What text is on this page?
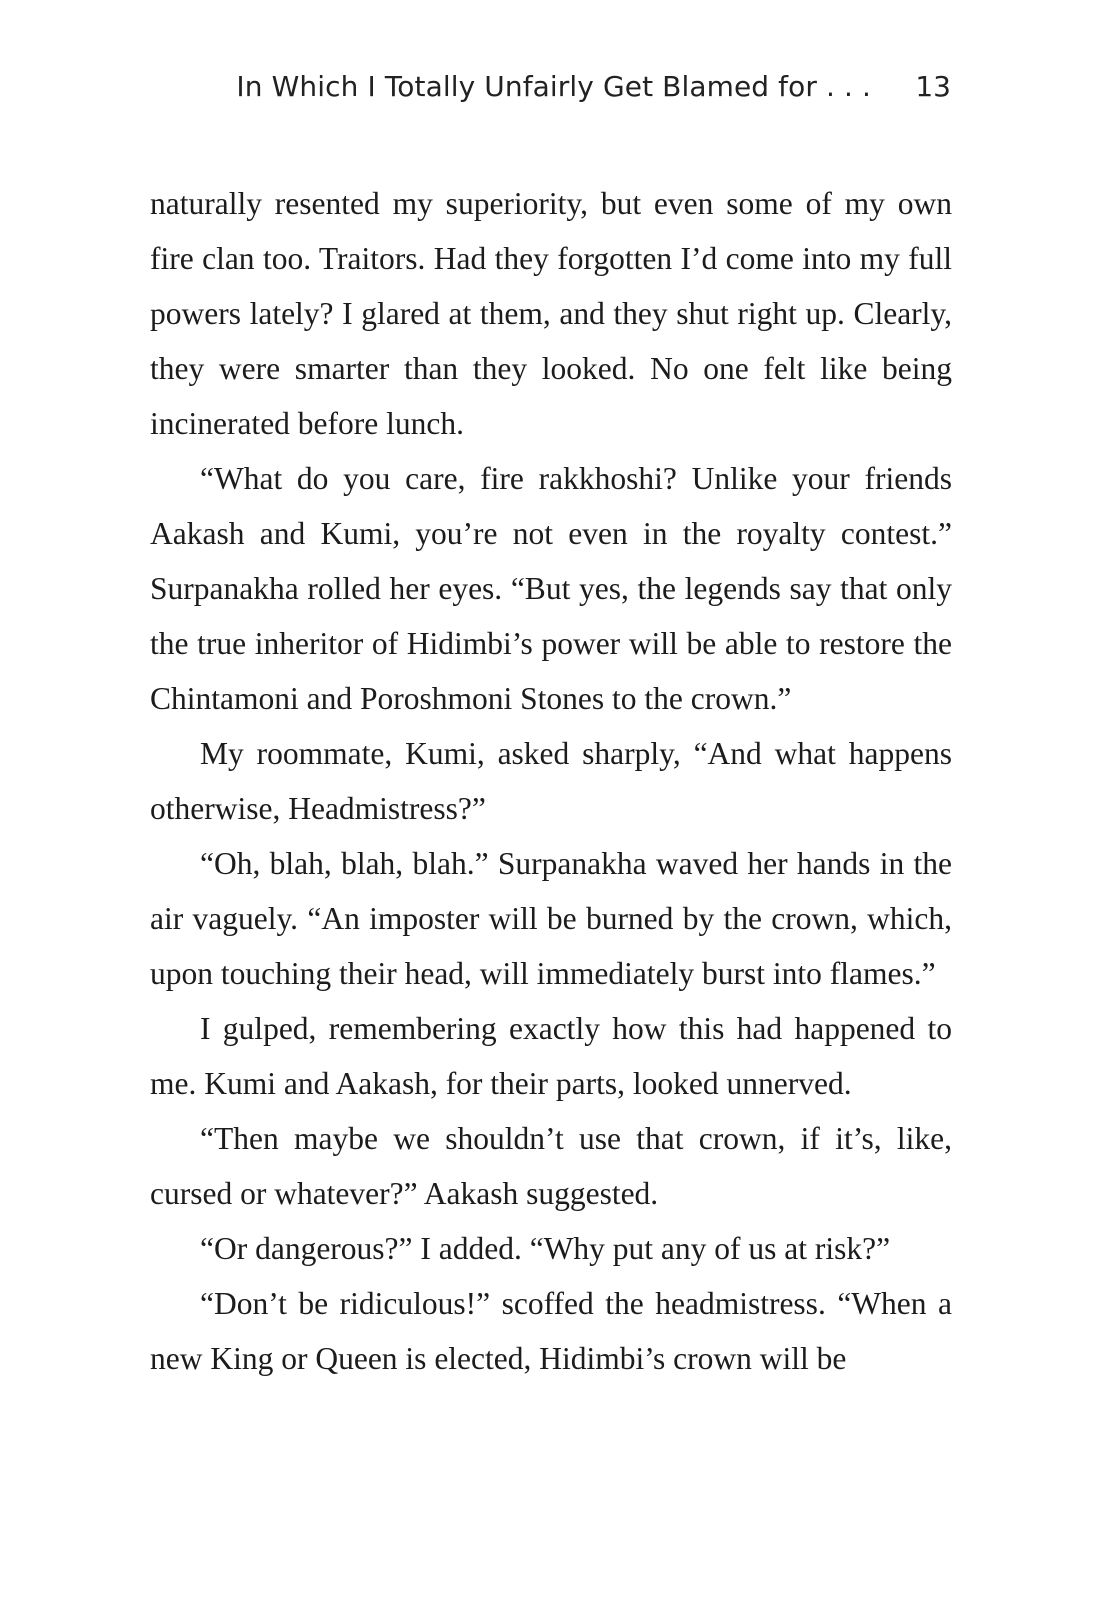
In Which I Totally Unfairly Get Blamed for . . . 13

naturally resented my superiority, but even some of my own fire clan too. Traitors. Had they forgotten I’d come into my full powers lately? I glared at them, and they shut right up. Clearly, they were smarter than they looked. No one felt like being incinerated before lunch.

“What do you care, fire rakkhoshi? Unlike your friends Aakash and Kumi, you’re not even in the royalty contest.” Surpanakha rolled her eyes. “But yes, the legends say that only the true inheritor of Hidimbi’s power will be able to restore the Chintamoni and Poroshmoni Stones to the crown.”

My roommate, Kumi, asked sharply, “And what happens otherwise, Headmistress?”

“Oh, blah, blah, blah.” Surpanakha waved her hands in the air vaguely. “An imposter will be burned by the crown, which, upon touching their head, will immediately burst into flames.”

I gulped, remembering exactly how this had happened to me. Kumi and Aakash, for their parts, looked unnerved.

“Then maybe we shouldn’t use that crown, if it’s, like, cursed or whatever?” Aakash suggested.

“Or dangerous?” I added. “Why put any of us at risk?”

“Don’t be ridiculous!” scoffed the headmistress. “When a new King or Queen is elected, Hidimbi’s crown will be
